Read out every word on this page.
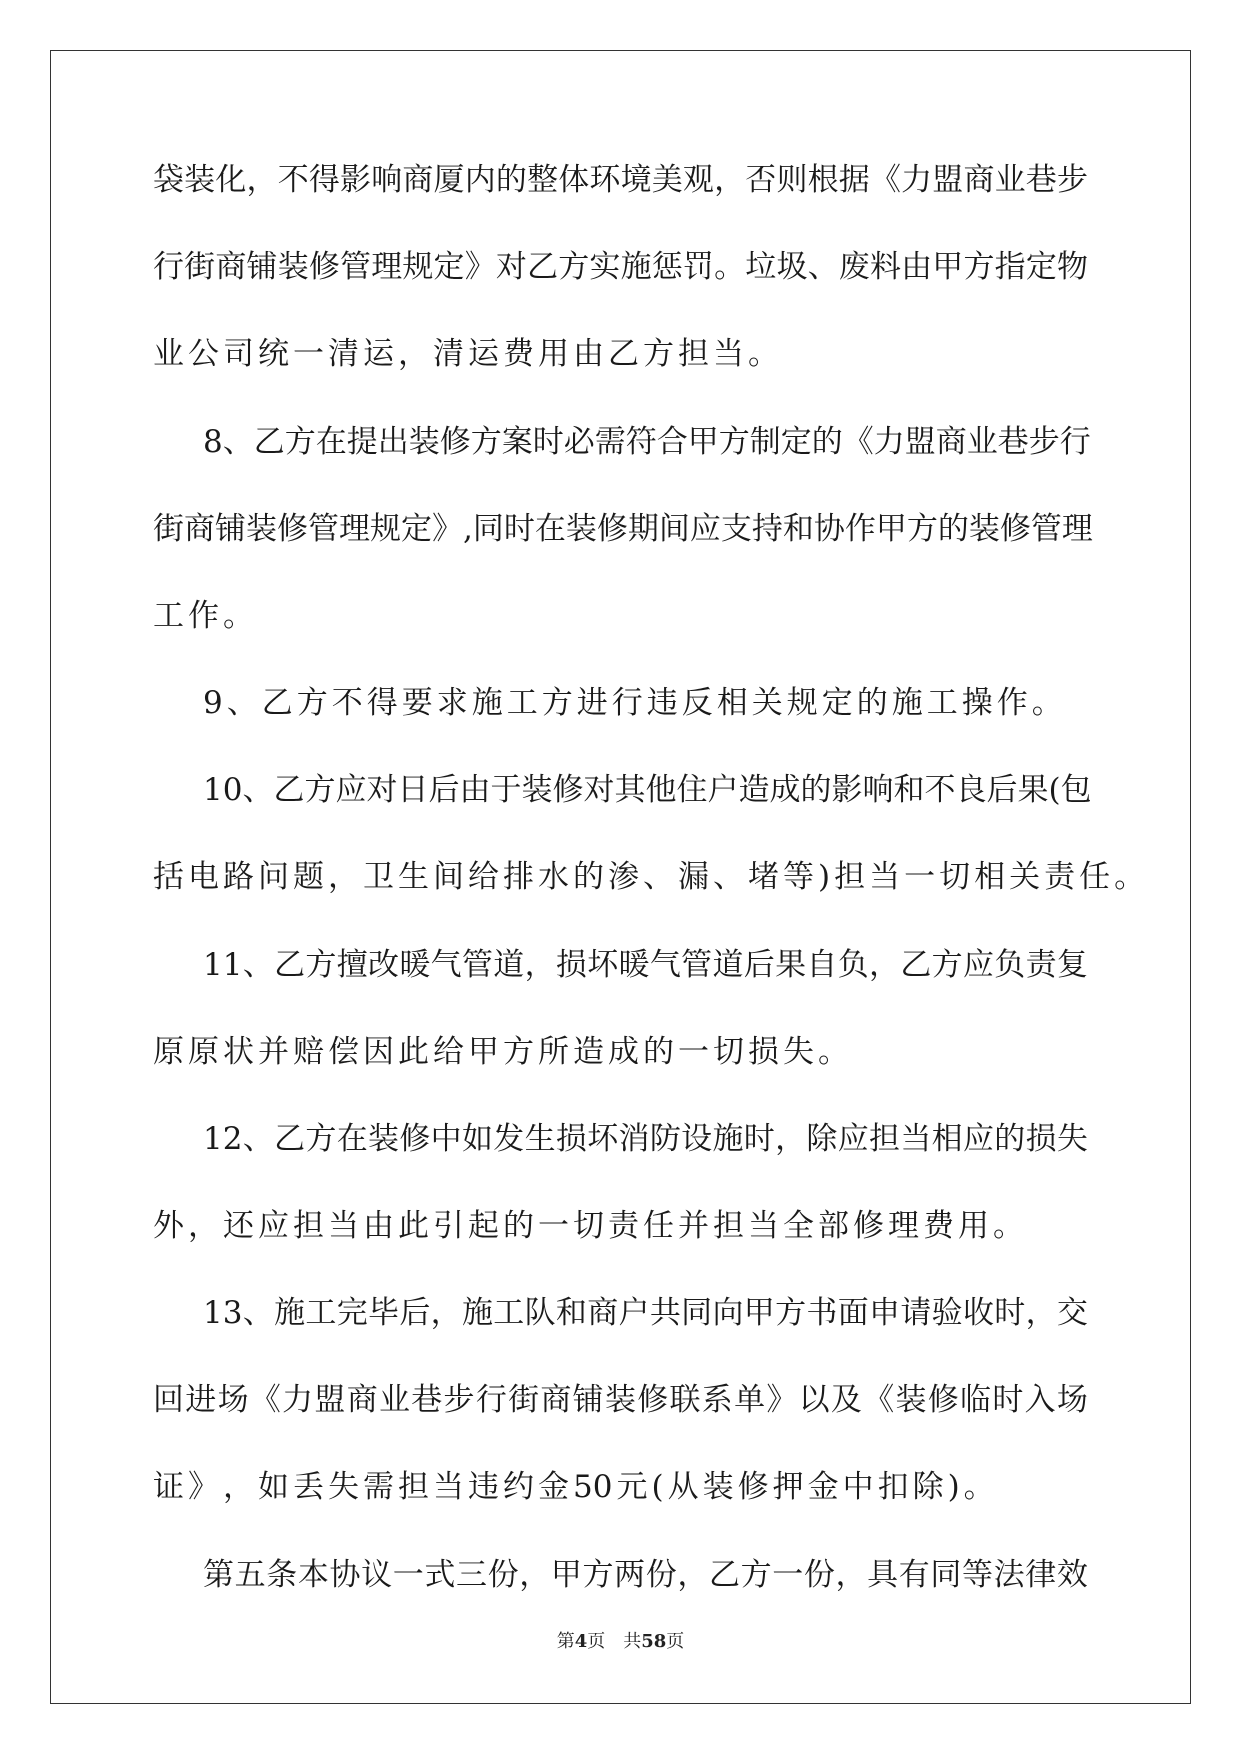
袋 装 化 ， 不 得 影 响 商 厦 内 的 整 体 环 境 美 观 ， 否 则 根 据 《 力 盟 商 业 巷 步
行 街 商 铺 装 修 管 理 规 定 》 对 乙 方 实 施 惩 罚 。 垃 圾 、 废 料 由 甲 方 指 定 物
业 公 司 统 一 清 运 ， 清 运 费 用 由 乙 方 担 当 。
8 、 乙 方 在 提 出 装 修 方 案 时 必 需 符 合 甲 方 制 定 的 《 力 盟 商 业 巷 步 行
街 商 铺 装 修 管 理 规 定 》 , 同 时 在 装 修 期 间 应 支 持 和 协 作 甲 方 的 装 修 管 理
工 作 。
9 、 乙 方 不 得 要 求 施 工 方 进 行 违 反 相 关 规 定 的 施 工 操 作 。
10 、 乙 方 应 对 日 后 由 于 装 修 对 其 他 住 户 造 成 的 影 响 和 不 良 后 果 ( 包
括 电 路 问 题 ， 卫 生 间 给 排 水 的 渗 、 漏 、 堵 等 ) 担 当 一 切 相 关 责 任 。
11 、 乙 方 擅 改 暖 气 管 道 ， 损 坏 暖 气 管 道 后 果 自 负 ， 乙 方 应 负 责 复
原 原 状 并 赔 偿 因 此 给 甲 方 所 造 成 的 一 切 损 失 。
12 、 乙 方 在 装 修 中 如 发 生 损 坏 消 防 设 施 时 ， 除 应 担 当 相 应 的 损 失
外 ， 还 应 担 当 由 此 引 起 的 一 切 责 任 并 担 当 全 部 修 理 费 用 。
13 、 施 工 完 毕 后 ， 施 工 队 和 商 户 共 同 向 甲 方 书 面 申 请 验 收 时 ， 交
回 进 场 《 力 盟 商 业 巷 步 行 街 商 铺 装 修 联 系 单 》 以 及 《 装 修 临 时 入 场
证 》 ， 如 丢 失 需 担 当 违 约 金 50 元 ( 从 装 修 押 金 中 扣 除 ) 。
第 五 条 本 协 议 一 式 三 份 ， 甲 方 两 份 ， 乙 方 一 份 ， 具 有 同 等 法 律 效
第4页　共58页
